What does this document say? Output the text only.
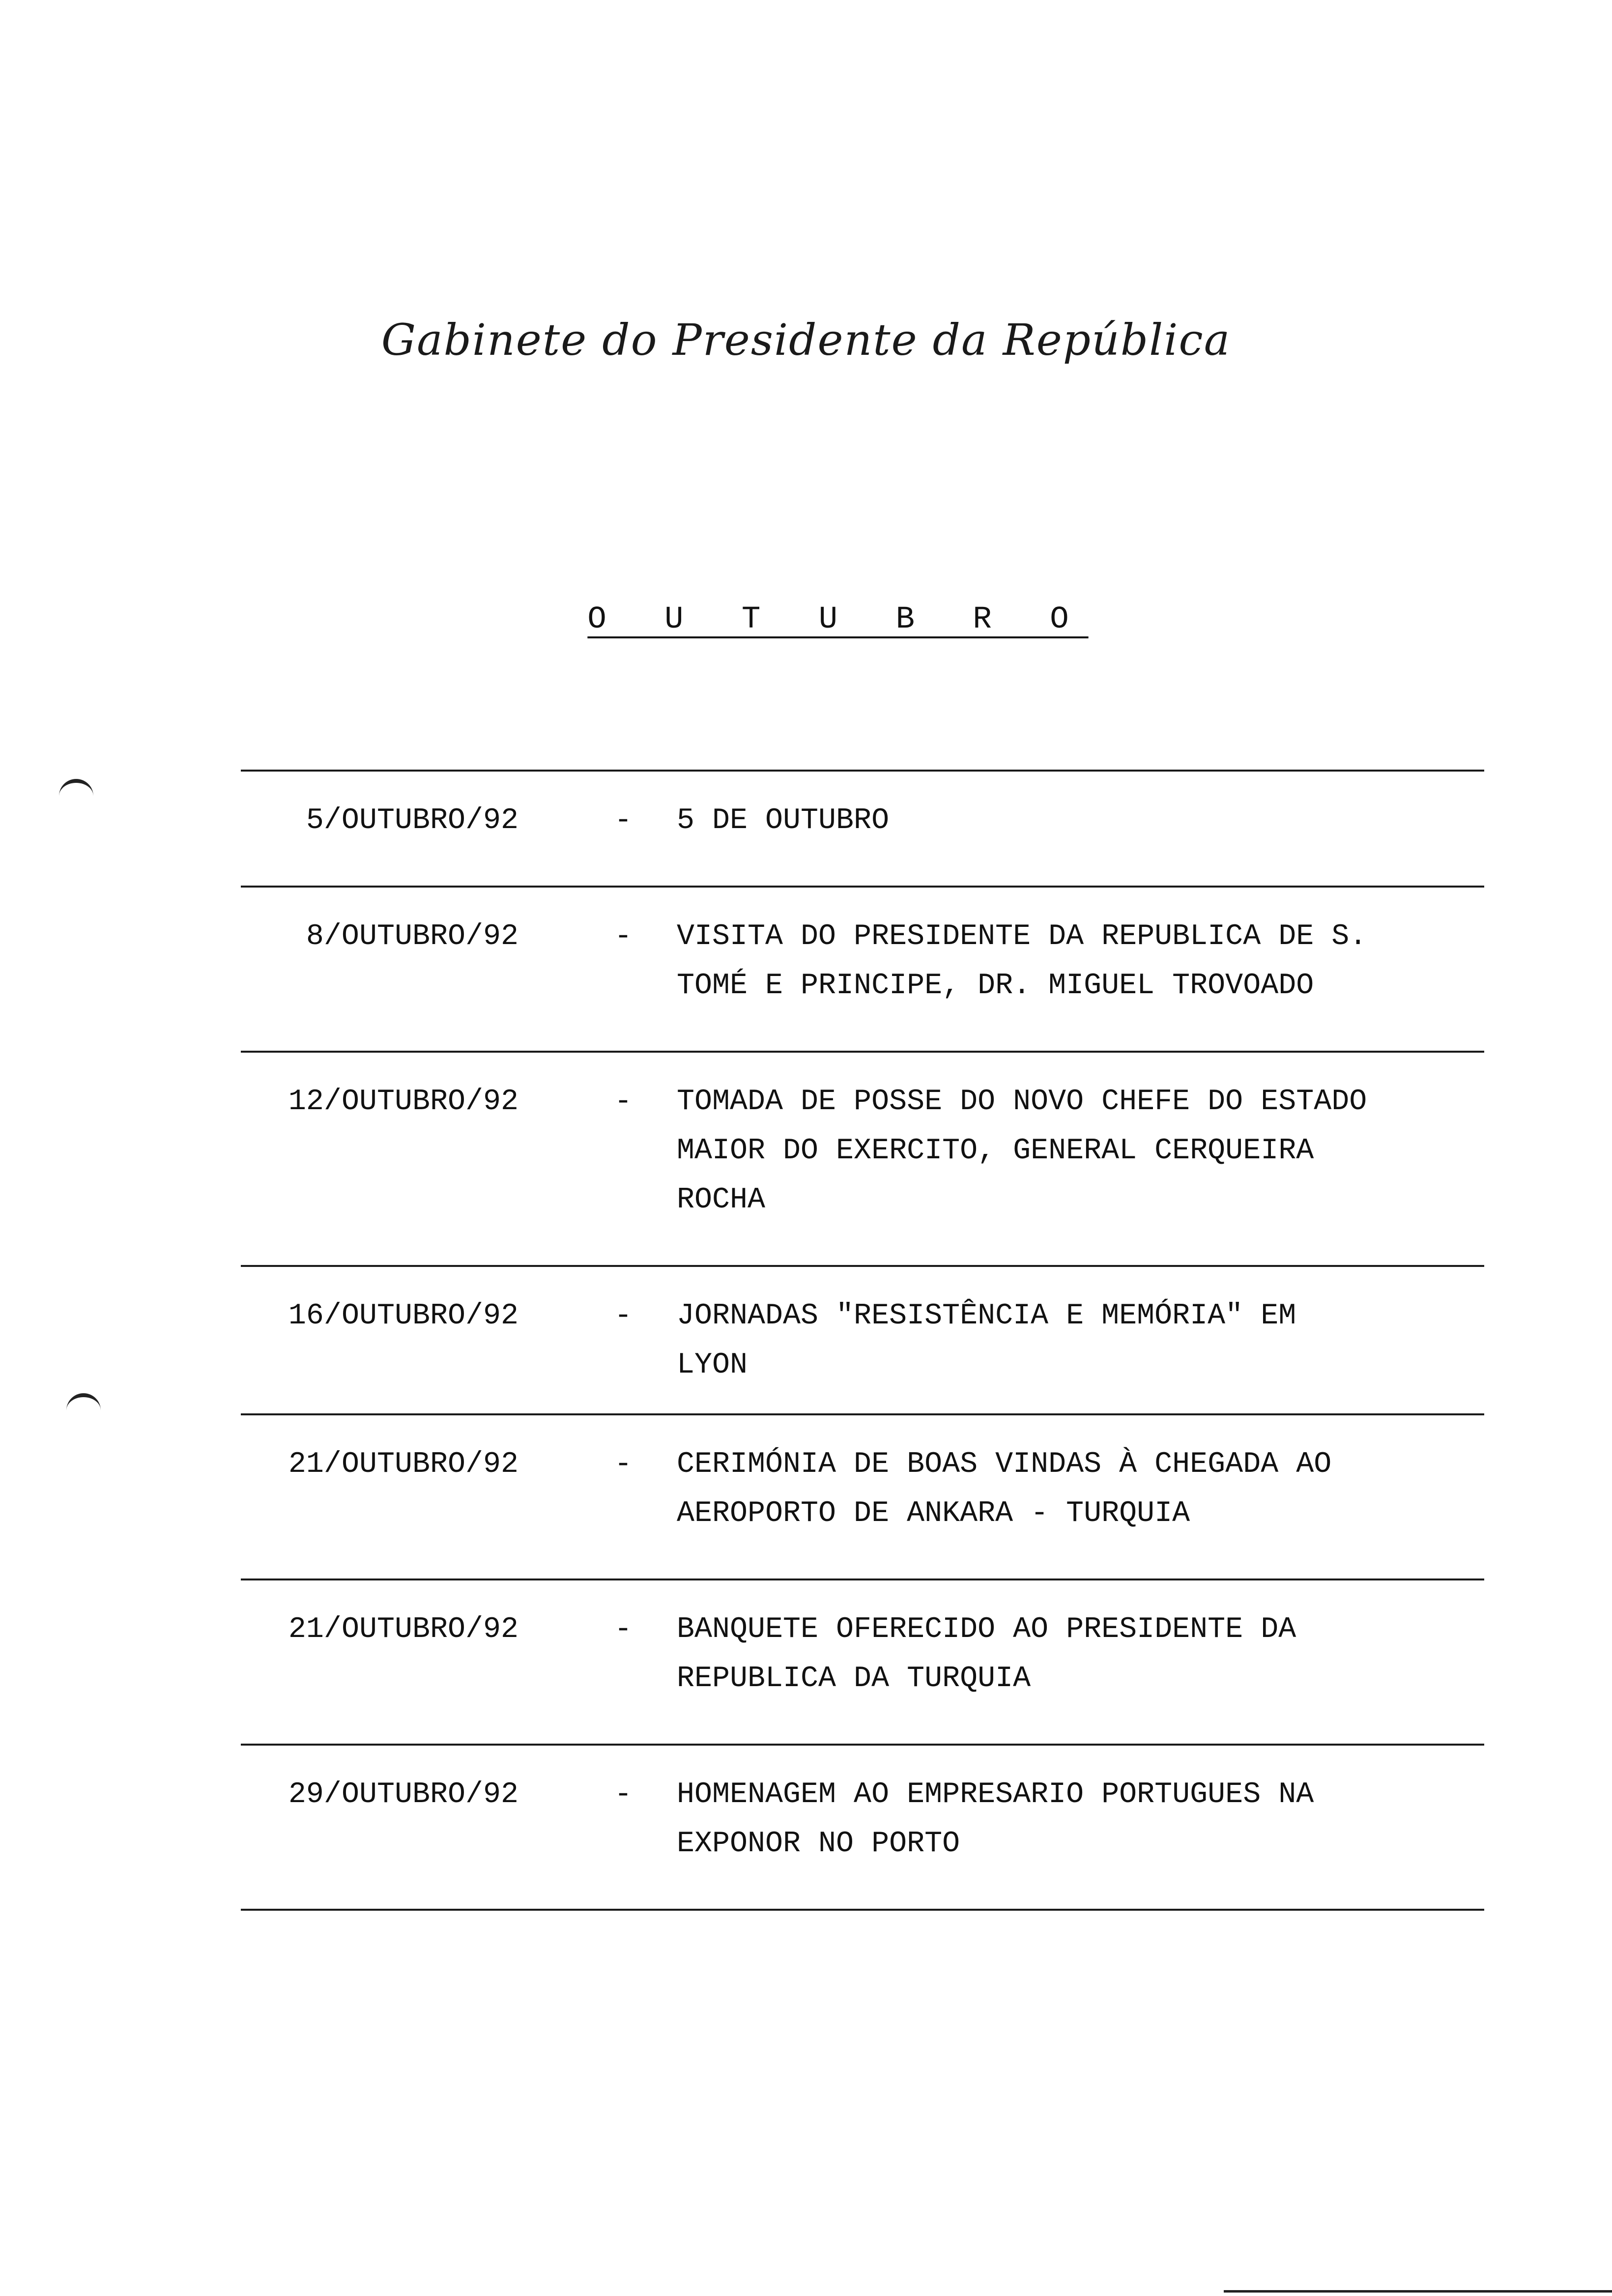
Gabinete do Presidente da República
O U T U B R O
5/OUTUBRO/92	- 5 DE OUTUBRO
8/OUTUBRO/92	- VISITA DO PRESIDENTE DA REPUBLICA DE S.
TOMÉ E PRINCIPE, DR. MIGUEL TROVOADO
12/OUTUBRO/92	- TOMADA DE POSSE DO NOVO CHEFE DO ESTADO
MAIOR DO EXERCITO, GENERAL CERQUEIRA
ROCHA
16/OUTUBRO/92	- JORNADAS "RESISTÊNCIA E MEMÓRIA" EM
LYON
21/OUTUBRO/92	- CERIMÓNIA DE BOAS VINDAS À CHEGADA AO
AEROPORTO DE ANKARA - TURQUIA
21/OUTUBRO/92	- BANQUETE OFERECIDO AO PRESIDENTE DA
REPUBLICA DA TURQUIA
29/OUTUBRO/92	- HOMENAGEM AO EMPRESARIO PORTUGUES NA
EXPONOR NO PORTO
